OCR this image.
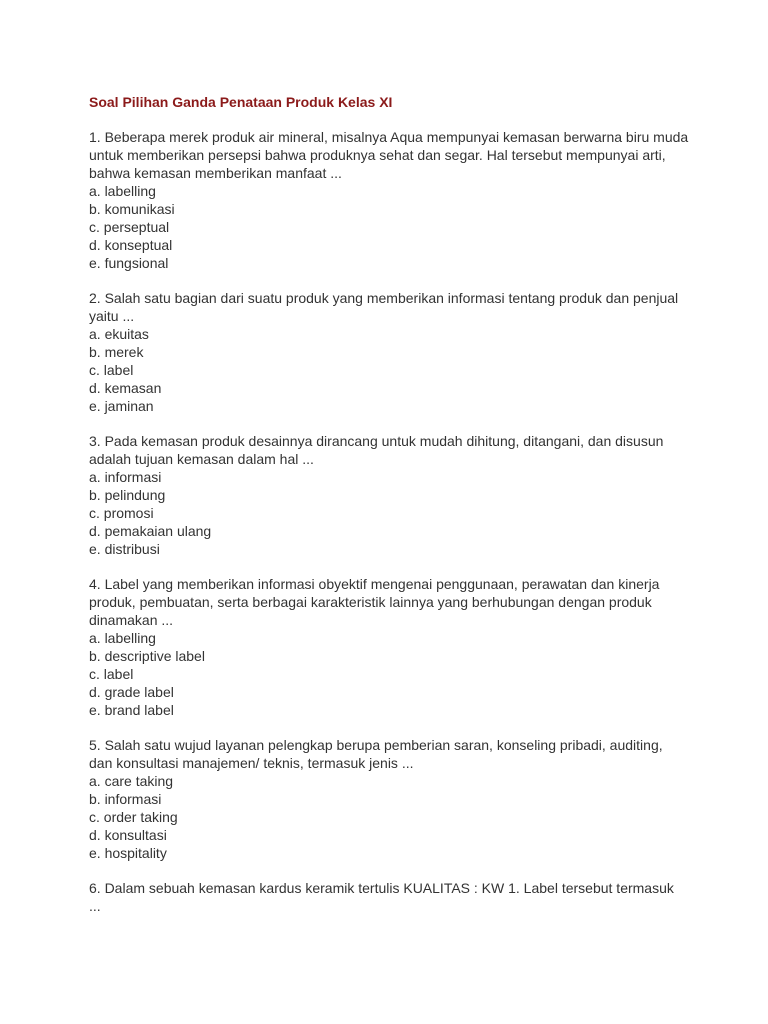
Soal Pilihan Ganda Penataan Produk Kelas XI

1. Beberapa merek produk air mineral, misalnya Aqua mempunyai kemasan berwarna biru muda untuk memberikan persepsi bahwa produknya sehat dan segar. Hal tersebut mempunyai arti, bahwa kemasan memberikan manfaat ...

a. labelling

b. komunikasi

c. perseptual

d. konseptual

e. fungsional

2. Salah satu bagian dari suatu produk yang memberikan informasi tentang produk dan penjual yaitu ...

a. ekuitas

b. merek

c. label

d. kemasan

e. jaminan

3. Pada kemasan produk desainnya dirancang untuk mudah dihitung, ditangani, dan disusun adalah tujuan kemasan dalam hal ...

a. informasi

b. pelindung

c. promosi

d. pemakaian ulang

e. distribusi

4. Label yang memberikan informasi obyektif mengenai penggunaan, perawatan dan kinerja produk, pembuatan, serta berbagai karakteristik lainnya yang berhubungan dengan produk dinamakan ...

a. labelling

b. descriptive label

c. label

d. grade label

e. brand label

5. Salah satu wujud layanan pelengkap berupa pemberian saran, konseling pribadi, auditing, dan konsultasi manajemen/ teknis, termasuk jenis ...

a. care taking

b. informasi

c. order taking

d. konsultasi

e. hospitality

6. Dalam sebuah kemasan kardus keramik tertulis KUALITAS : KW 1. Label tersebut termasuk ...
